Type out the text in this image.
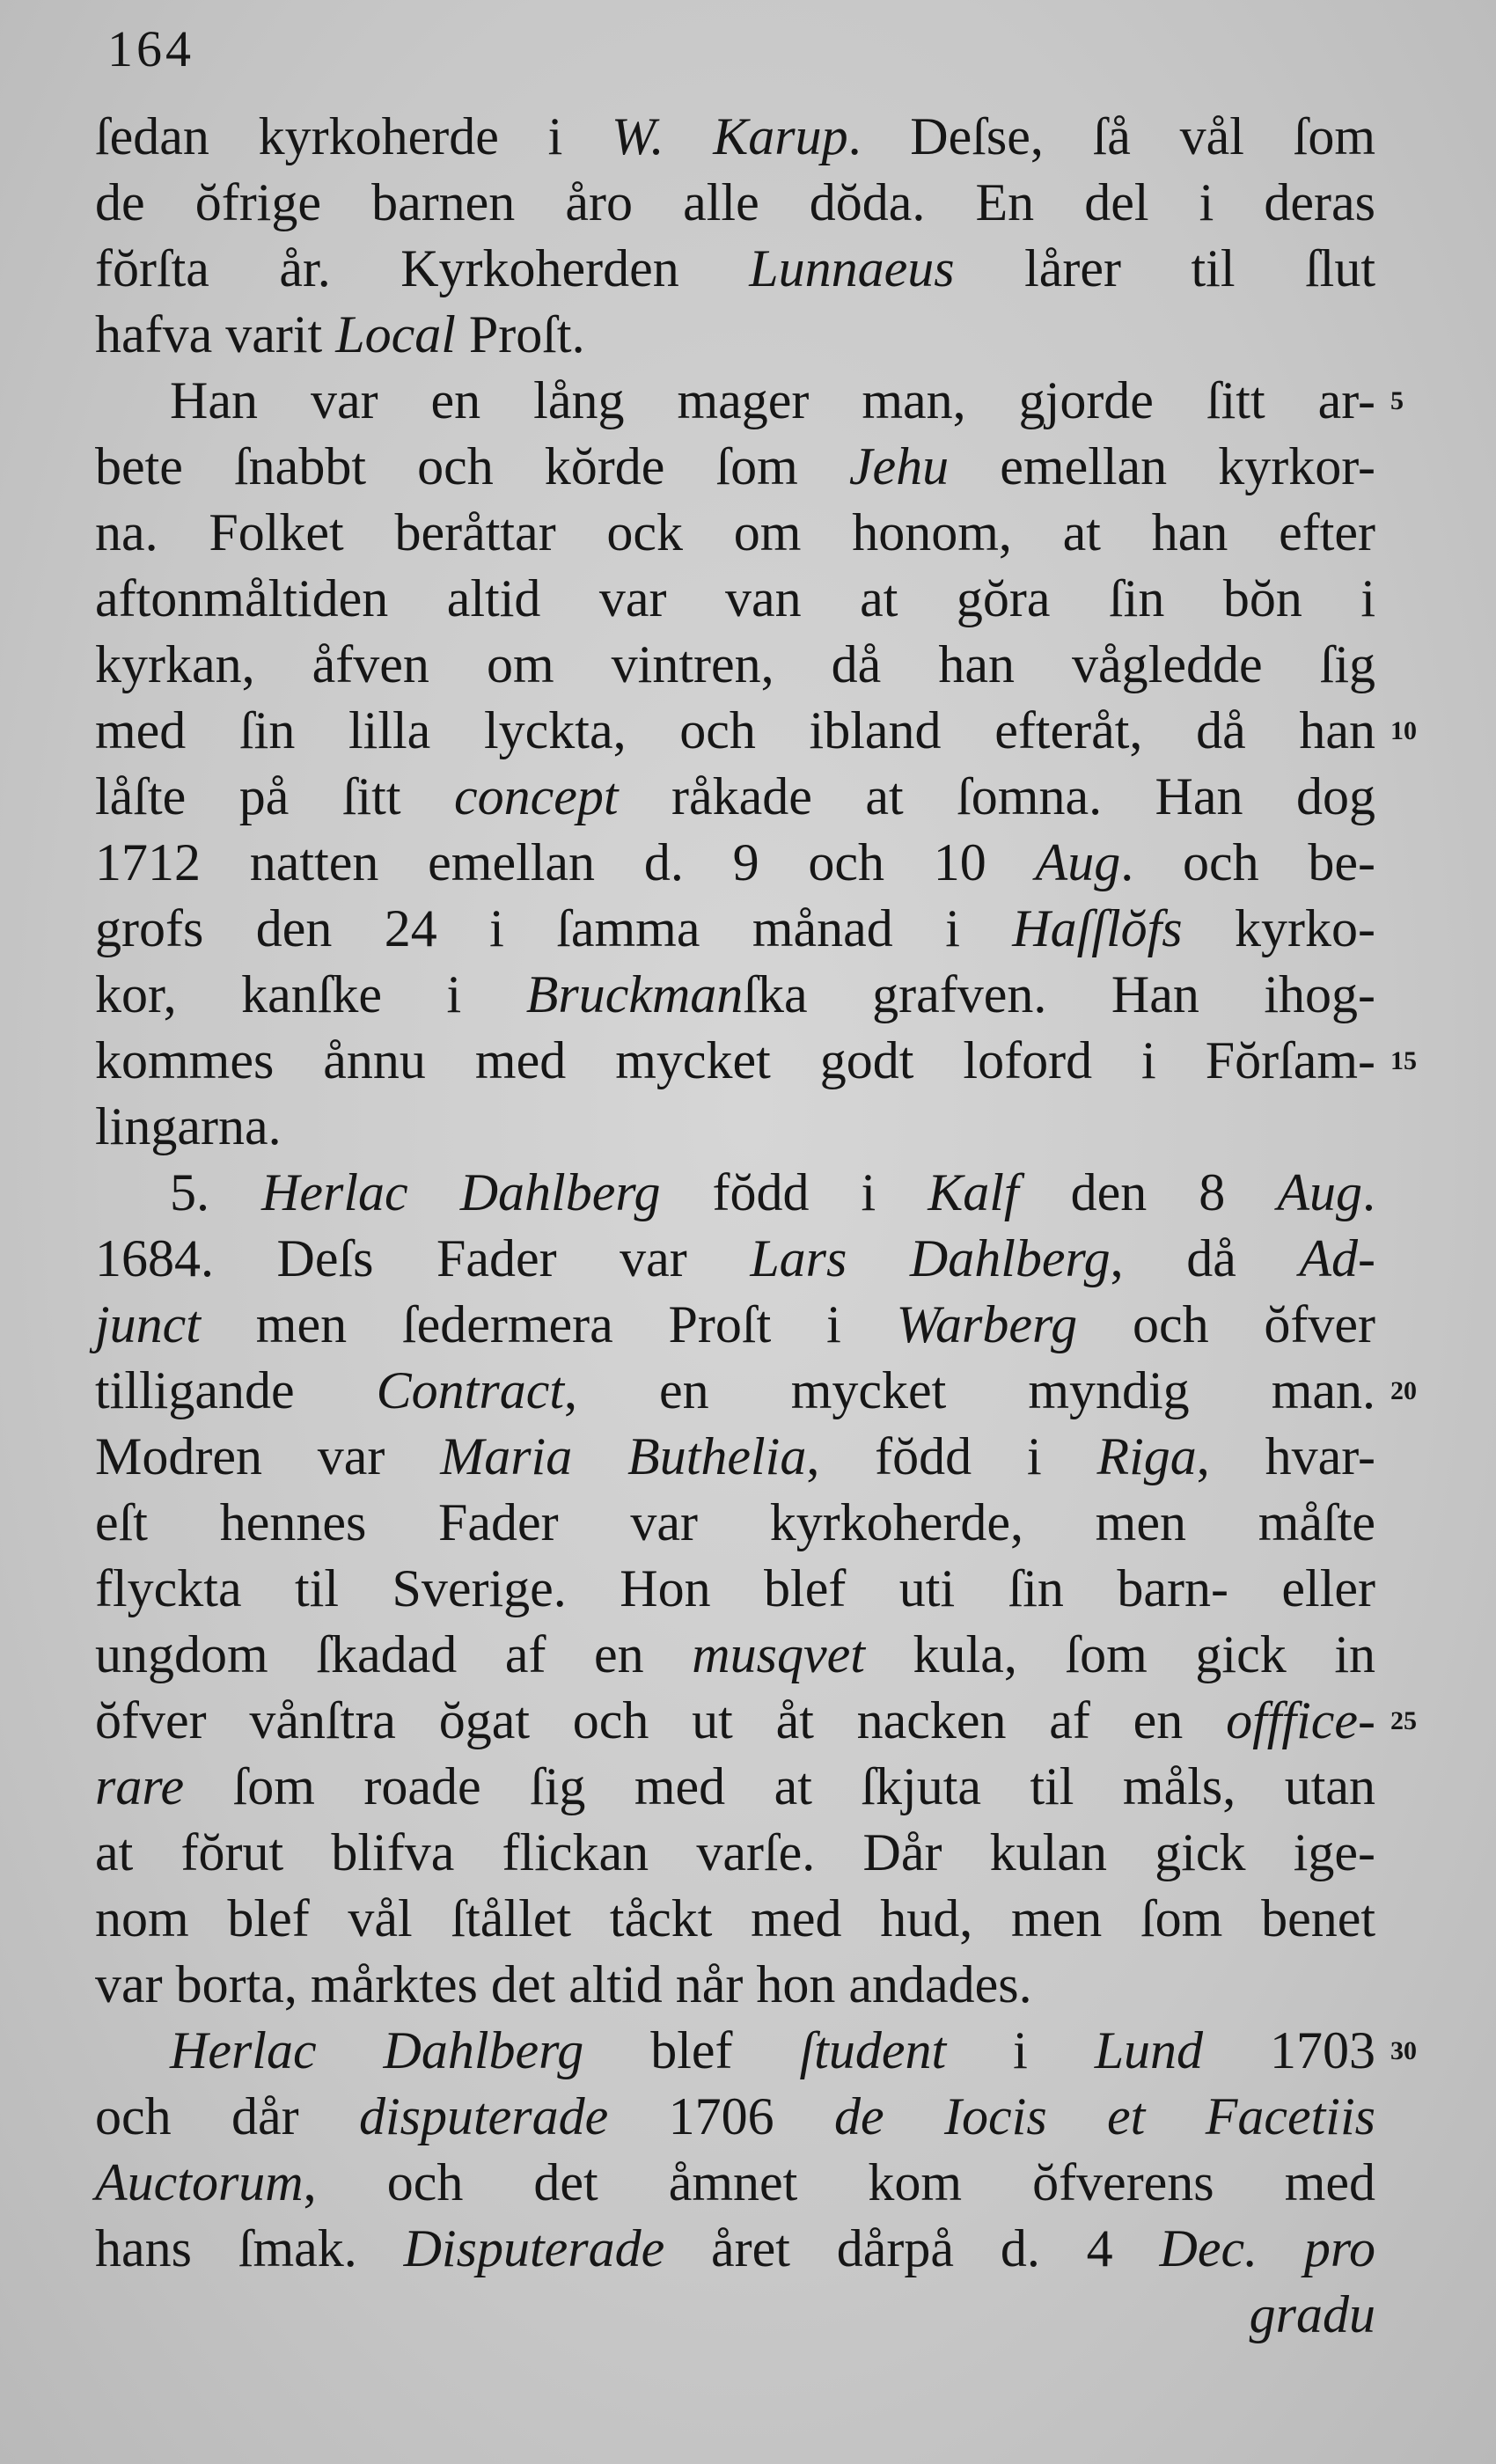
164
ſedan kyrkoherde i W. Karup. Deſse, ſå vål ſom
de ŏfrige barnen åro alle dŏda. En del i deras
fŏrſta år. Kyrkoherden Lunnaeus lårer til ſlut
hafva varit Local Proſt.
Han var en lång mager man, gjorde ſitt ar- 5
bete ſnabbt och kŏrde ſom Jehu emellan kyrkor-
na. Folket beråttar ock om honom, at han efter
aftonmåltiden altid var van at gŏra ſin bŏn i
kyrkan, åfven om vintren, då han vågledde ſig
med ſin lilla lyckta, och ibland efteråt, då han 10
låſte på ſitt concept råkade at ſomna. Han dog
1712 natten emellan d. 9 och 10 Aug. och be-
grofs den 24 i ſamma månad i Haſſlŏfs kyrko-
kor, kanſke i Bruckmanſka grafven. Han ihog-
kommes ånnu med mycket godt loford i Fŏrſam- 15
lingarna.
5. Herlac Dahlberg fŏdd i Kalf den 8 Aug.
1684. Deſs Fader var Lars Dahlberg, då Ad-
junct men ſedermera Proſt i Warberg och ŏfver
tilligande Contract, en mycket myndig man. 20
Modren var Maria Buthelia, fŏdd i Riga, hvar-
eſt hennes Fader var kyrkoherde, men måſte
flyckta til Sverige. Hon blef uti ſin barn- eller
ungdom ſkadad af en musqvet kula, ſom gick in
ŏfver vånſtra ŏgat och ut åt nacken af en offfice- 25
rare ſom roade ſig med at ſkjuta til måls, utan
at fŏrut blifva flickan varſe. Dår kulan gick ige-
nom blef vål ſtållet tåckt med hud, men ſom benet
var borta, mårktes det altid når hon andades.
Herlac Dahlberg blef ſtudent i Lund 1703 30
och dår disputerade 1706 de Iocis et Facetiis
Auctorum, och det åmnet kom ŏfverens med
hans ſmak. Disputerade året dårpå d. 4 Dec. pro
gradu
